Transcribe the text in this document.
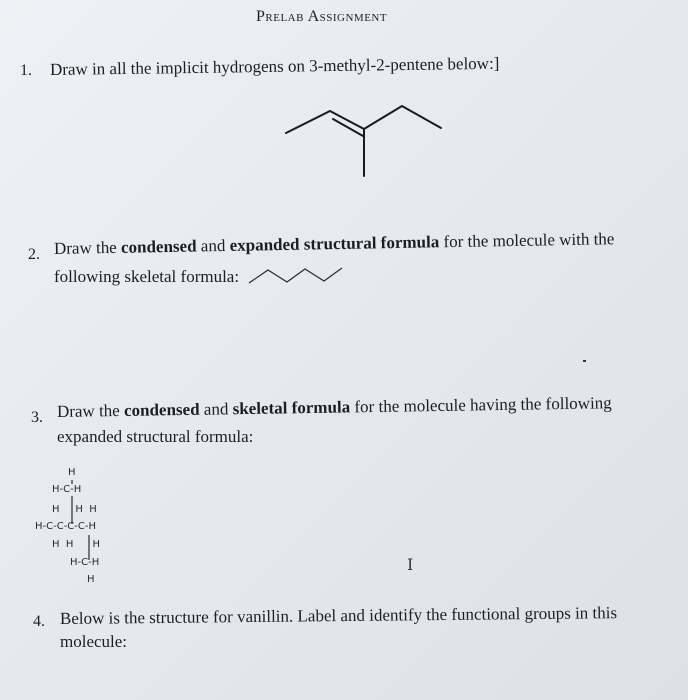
Prelab Assignment
1. Draw in all the implicit hydrogens on 3-methyl-2-pentene below:]
2. Draw the condensed and expanded structural formula for the molecule with the
following skeletal formula:
3. Draw the condensed and skeletal formula for the molecule having the following
expanded structural formula:
H
H-C-H
H     H  H
H-C-C-C-C-H
H  H      H
H-C-H
H
I
4. Below is the structure for vanillin. Label and identify the functional groups in this
molecule:
